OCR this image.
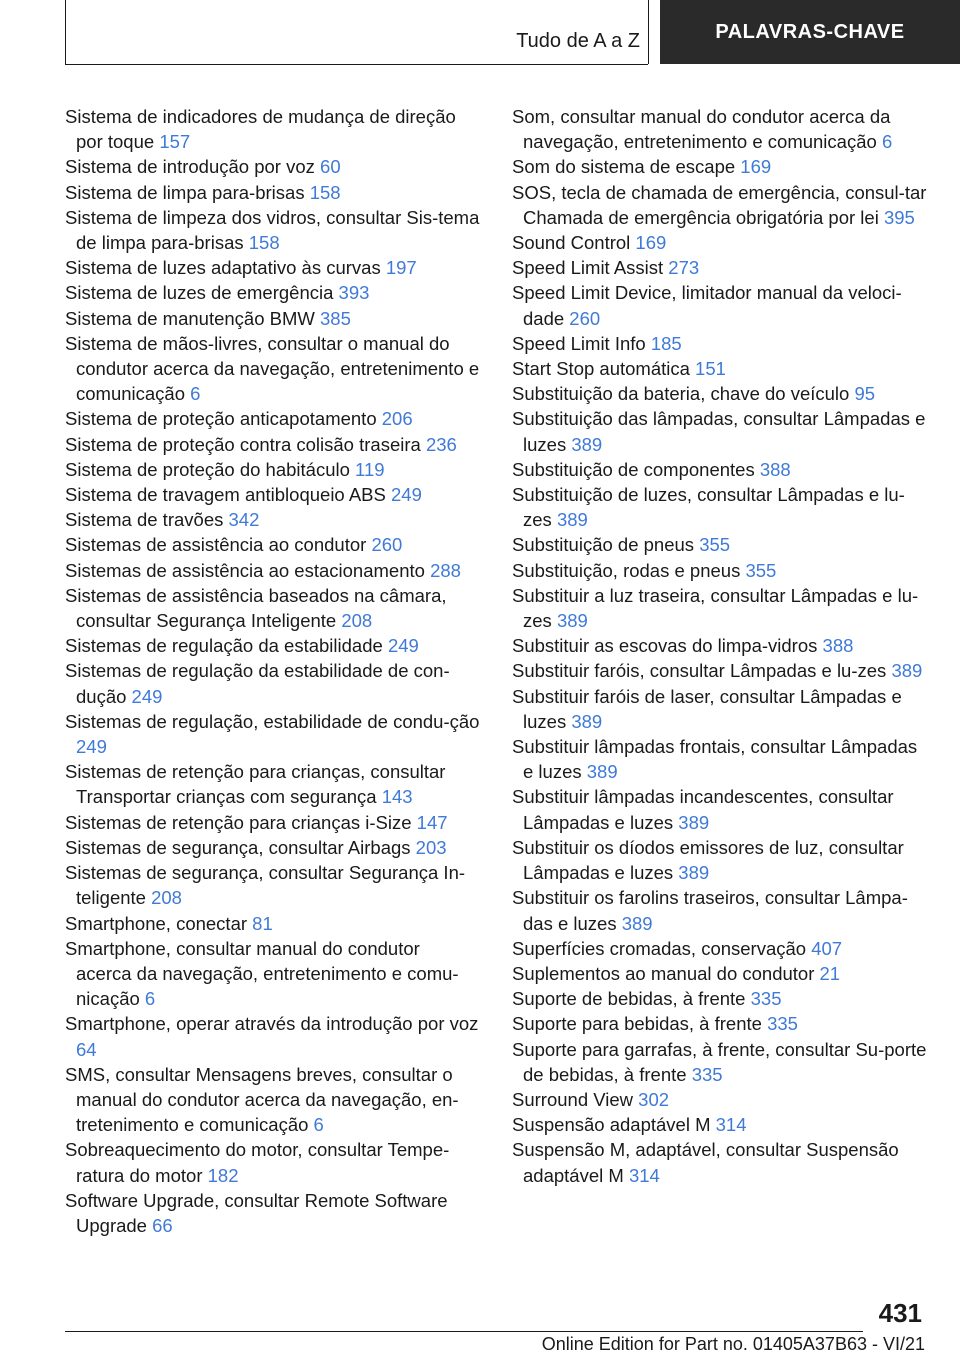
Tudo de A a Z	PALAVRAS-CHAVE
Sistema de indicadores de mudança de direção por toque 157
Sistema de introdução por voz 60
Sistema de limpa para-brisas 158
Sistema de limpeza dos vidros, consultar Sis-tema de limpa para-brisas 158
Sistema de luzes adaptativo às curvas 197
Sistema de luzes de emergência 393
Sistema de manutenção BMW 385
Sistema de mãos-livres, consultar o manual do condutor acerca da navegação, entretenimento e comunicação 6
Sistema de proteção anticapotamento 206
Sistema de proteção contra colisão traseira 236
Sistema de proteção do habitáculo 119
Sistema de travagem antibloqueio ABS 249
Sistema de travões 342
Sistemas de assistência ao condutor 260
Sistemas de assistência ao estacionamento 288
Sistemas de assistência baseados na câmara, consultar Segurança Inteligente 208
Sistemas de regulação da estabilidade 249
Sistemas de regulação da estabilidade de con-dução 249
Sistemas de regulação, estabilidade de condu-ção 249
Sistemas de retenção para crianças, consultar Transportar crianças com segurança 143
Sistemas de retenção para crianças i-Size 147
Sistemas de segurança, consultar Airbags 203
Sistemas de segurança, consultar Segurança In-teligente 208
Smartphone, conectar 81
Smartphone, consultar manual do condutor acerca da navegação, entretenimento e comu-nicação 6
Smartphone, operar através da introdução por voz 64
SMS, consultar Mensagens breves, consultar o manual do condutor acerca da navegação, en-tretenimento e comunicação 6
Sobreaquecimento do motor, consultar Tempe-ratura do motor 182
Software Upgrade, consultar Remote Software Upgrade 66
Som, consultar manual do condutor acerca da navegação, entretenimento e comunicação 6
Som do sistema de escape 169
SOS, tecla de chamada de emergência, consul-tar Chamada de emergência obrigatória por lei 395
Sound Control 169
Speed Limit Assist 273
Speed Limit Device, limitador manual da veloci-dade 260
Speed Limit Info 185
Start Stop automática 151
Substituição da bateria, chave do veículo 95
Substituição das lâmpadas, consultar Lâmpadas e luzes 389
Substituição de componentes 388
Substituição de luzes, consultar Lâmpadas e lu-zes 389
Substituição de pneus 355
Substituição, rodas e pneus 355
Substituir a luz traseira, consultar Lâmpadas e lu-zes 389
Substituir as escovas do limpa-vidros 388
Substituir faróis, consultar Lâmpadas e lu-zes 389
Substituir faróis de laser, consultar Lâmpadas e luzes 389
Substituir lâmpadas frontais, consultar Lâmpadas e luzes 389
Substituir lâmpadas incandescentes, consultar Lâmpadas e luzes 389
Substituir os díodos emissores de luz, consultar Lâmpadas e luzes 389
Substituir os farolins traseiros, consultar Lâmpa-das e luzes 389
Superfícies cromadas, conservação 407
Suplementos ao manual do condutor 21
Suporte de bebidas, à frente 335
Suporte para bebidas, à frente 335
Suporte para garrafas, à frente, consultar Su-porte de bebidas, à frente 335
Surround View 302
Suspensão adaptável M 314
Suspensão M, adaptável, consultar Suspensão adaptável M 314
431
Online Edition for Part no. 01405A37B63 - VI/21
